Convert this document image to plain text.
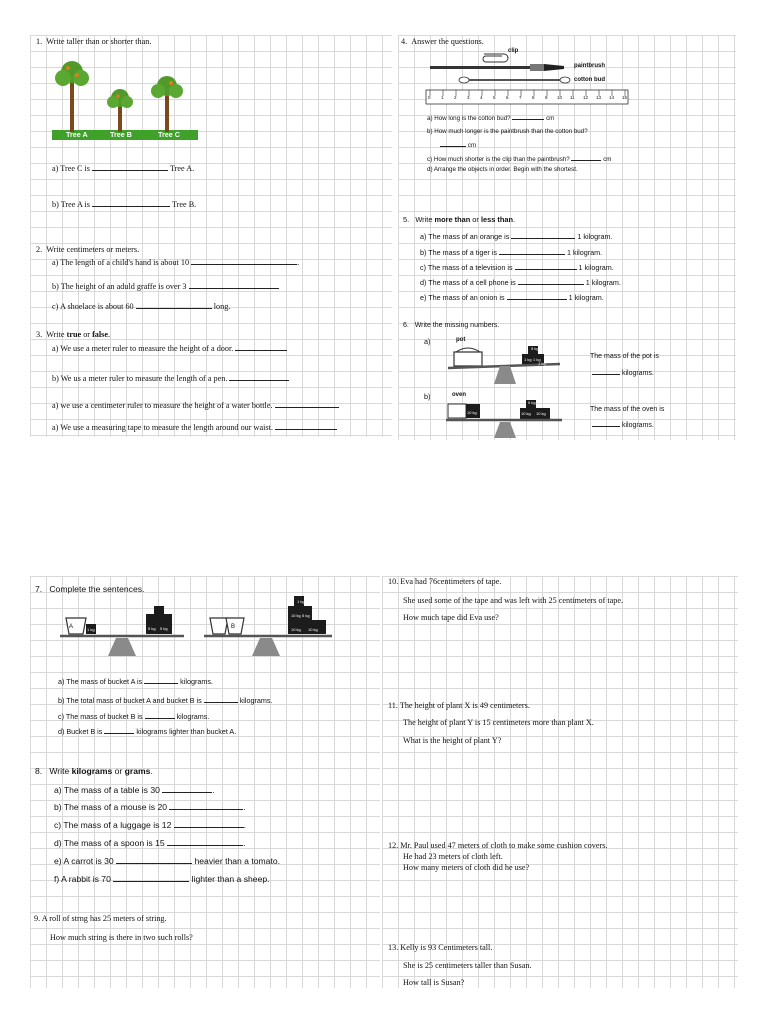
1. Write taller than or shorter than.
Tree A	Tree B	Tree C
a) Tree C is	Tree A.
b) Tree A is	Tree B.
2. Write centimeters or meters.
a) The length of a child's hand is about 10	.
b) The height of an aduld graffe is over 3
c) A shoelace is about 60	long.
3. Write true or false.
a) We use a meter ruler to measure the height of a door.
b) We us a meter ruler to measure the length of a pen.
a) we use a centimeter ruler to measure the height of a water bottle.
a) We use a measuring tape to measure the length around our waist.
4. Answer the questions.
clip
paintbrush
cotton bud
0 1 2 3 4 5 6 7 8 9 10 11 12 13 14 15
a) How long is the cotton bud?	cm
b) How much longer is the paintbrush than the cotton bud?
cm
c) How much shorter is the clip than the paintbrush?	cm
d) Arrange the objects in order. Begin with the shortest.
5. Write more than or less than.
a) The mass of an orange is	1 kilogram.
b) The mass of a tiger is	1 kilogram.
c) The mass of a television is	1 kilogram.
d) The mass of a cell phone is	1 kilogram.
e) The mass of an onion is	1 kilogram.
6. Write the missing numbers.
a)	pot
5 kg
1 kg 1 kg
1 kg
The mass of the pot is
kilograms.
b)	oven
10 kg
5 kg
10 kg 10 kg
The mass of the oven is
kilograms.
7. Complete the sentences.
A	1 kg	5 kg 5 kg	B
1 kg
10 kg 5 kg
10 kg 10 kg
a) The mass of bucket A is	kilograms.
b) The total mass of bucket A and bucket B is	kilograms.
c) The mass of bucket B is	kilograms.
d) Bucket B is	kilograms lighter than bucket A.
8. Write kilograms or grams.
a) The mass of a table is 30	.
b) The mass of a mouse is 20	.
c) The mass of a luggage is 12	.
d) The mass of a spoon is 15	.
e) A carrot is 30	heavier than a tomato.
f) A rabbit is 70	lighter than a sheep.
9. A roll of strng has 25 meters of string.
How much string is there in two such rolls?
10. Eva had 76centimeters of tape.
She used some of the tape and was left with 25 centimeters of tape.
How much tape did Eva use?
11. The height of plant X is 49 centimeters.
The height of plant Y is 15 centimeters more than plant X.
What is the height of plant Y?
12. Mr. Paul used 47 meters of cloth to make some cushion covers.
He had 23 meters of cloth left.
How many meters of cloth did he use?
13. Kelly is 93 Centimeters tall.
She is 25 centimeters taller than Susan.
How tall is Susan?
